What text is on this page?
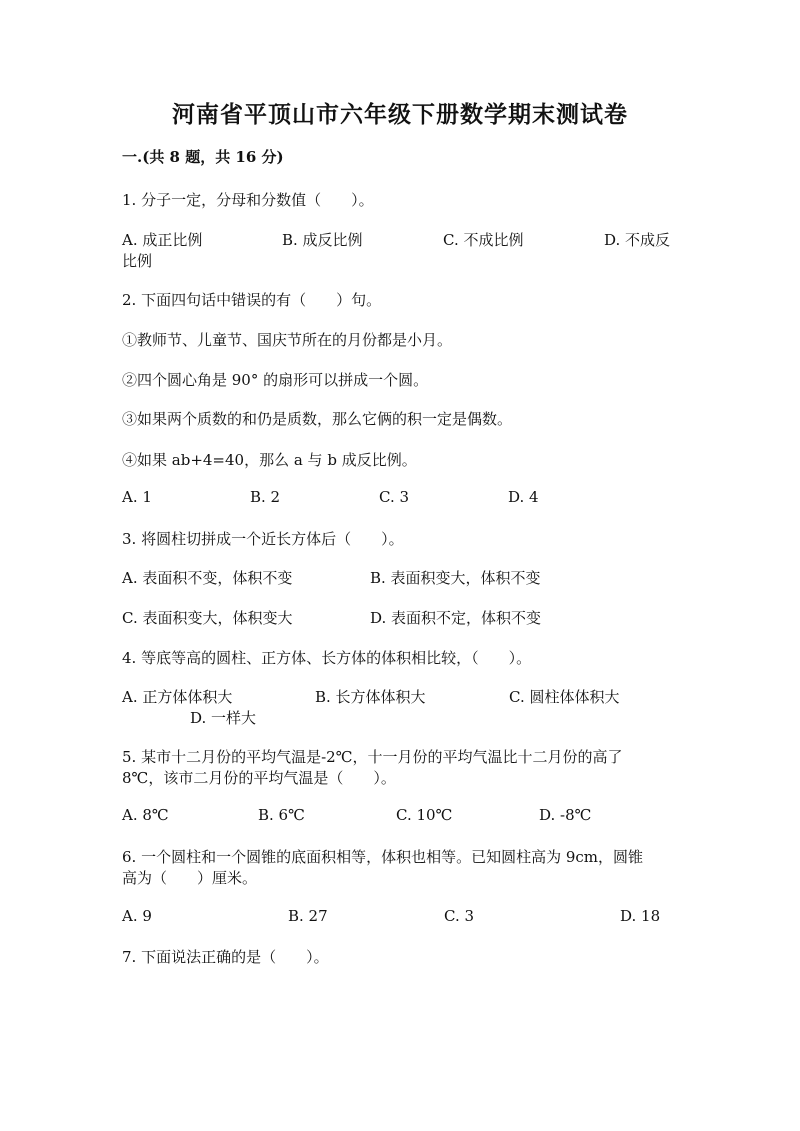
河南省平顶山市六年级下册数学期末测试卷
一.(共 8 题，共 16 分)
1. 分子一定，分母和分数值（　　）。
A. 成正比例	B. 成反比例	C. 不成比例	D. 不成反
比例
2. 下面四句话中错误的有（　　）句。
①教师节、儿童节、国庆节所在的月份都是小月。
②四个圆心角是 90° 的扇形可以拼成一个圆。
③如果两个质数的和仍是质数，那么它俩的积一定是偶数。
④如果 ab+4=40，那么 a 与 b 成反比例。
A. 1	B. 2	C. 3	D. 4
3. 将圆柱切拼成一个近长方体后（　　）。
A. 表面积不变，体积不变	B. 表面积变大，体积不变
C. 表面积变大，体积变大	D. 表面积不定，体积不变
4. 等底等高的圆柱、正方体、长方体的体积相比较，（　　）。
A. 正方体体积大	B. 长方体体积大	C. 圆柱体体积大
D. 一样大
5. 某市十二月份的平均气温是-2℃，十一月份的平均气温比十二月份的高了
8℃，该市二月份的平均气温是（　　）。
A. 8℃	B. 6℃	C. 10℃	D. -8℃
6. 一个圆柱和一个圆锥的底面积相等，体积也相等。已知圆柱高为 9cm，圆锥
高为（　　）厘米。
A. 9	B. 27	C. 3	D. 18
7. 下面说法正确的是（　　）。
